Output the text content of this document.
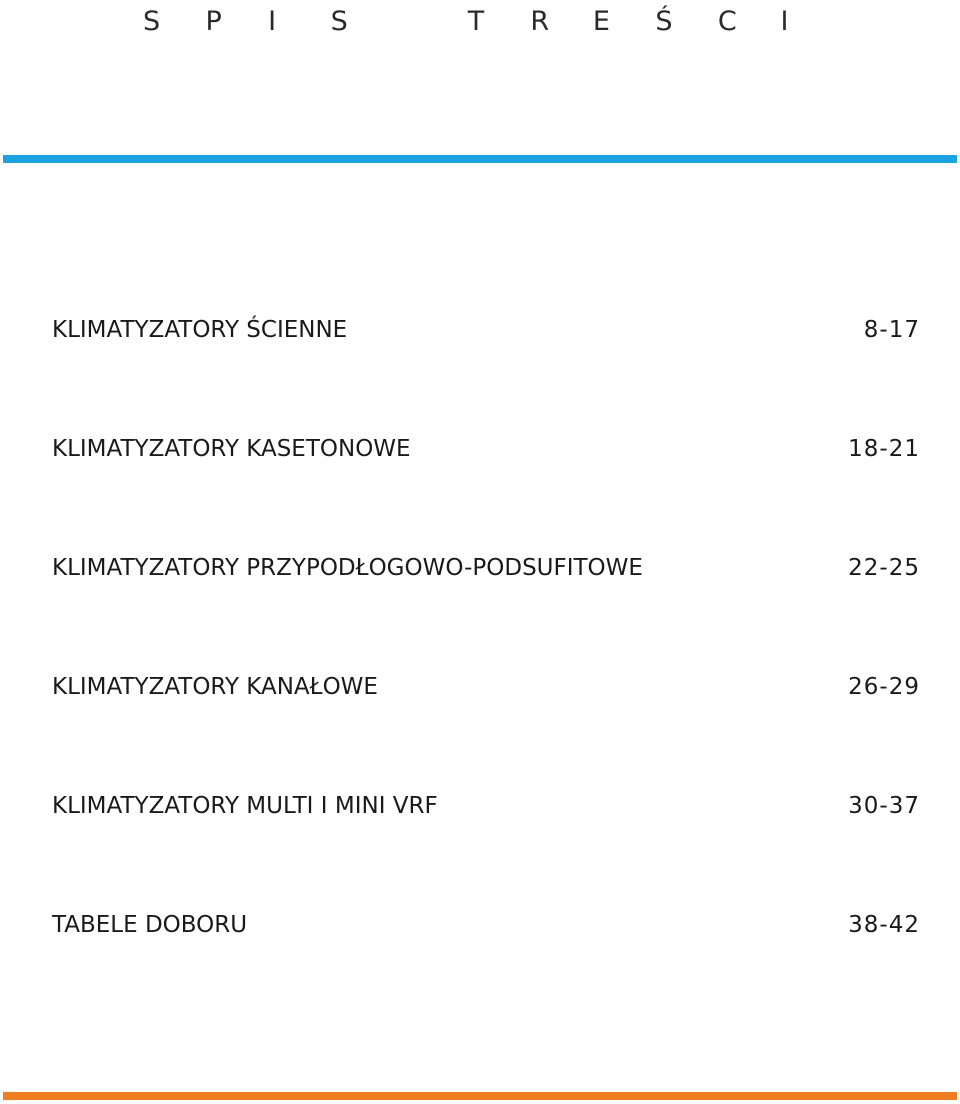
S	P	I	S	T	R	E	Ś	C	I
KLIMATYZATORY ŚCIENNE	8-17
KLIMATYZATORY KASETONOWE	18-21
KLIMATYZATORY PRZYPODŁOGOWO-PODSUFITOWE	22-25
KLIMATYZATORY KANAŁOWE	26-29
KLIMATYZATORY MULTI I MINI VRF	30-37
TABELE DOBORU	38-42
